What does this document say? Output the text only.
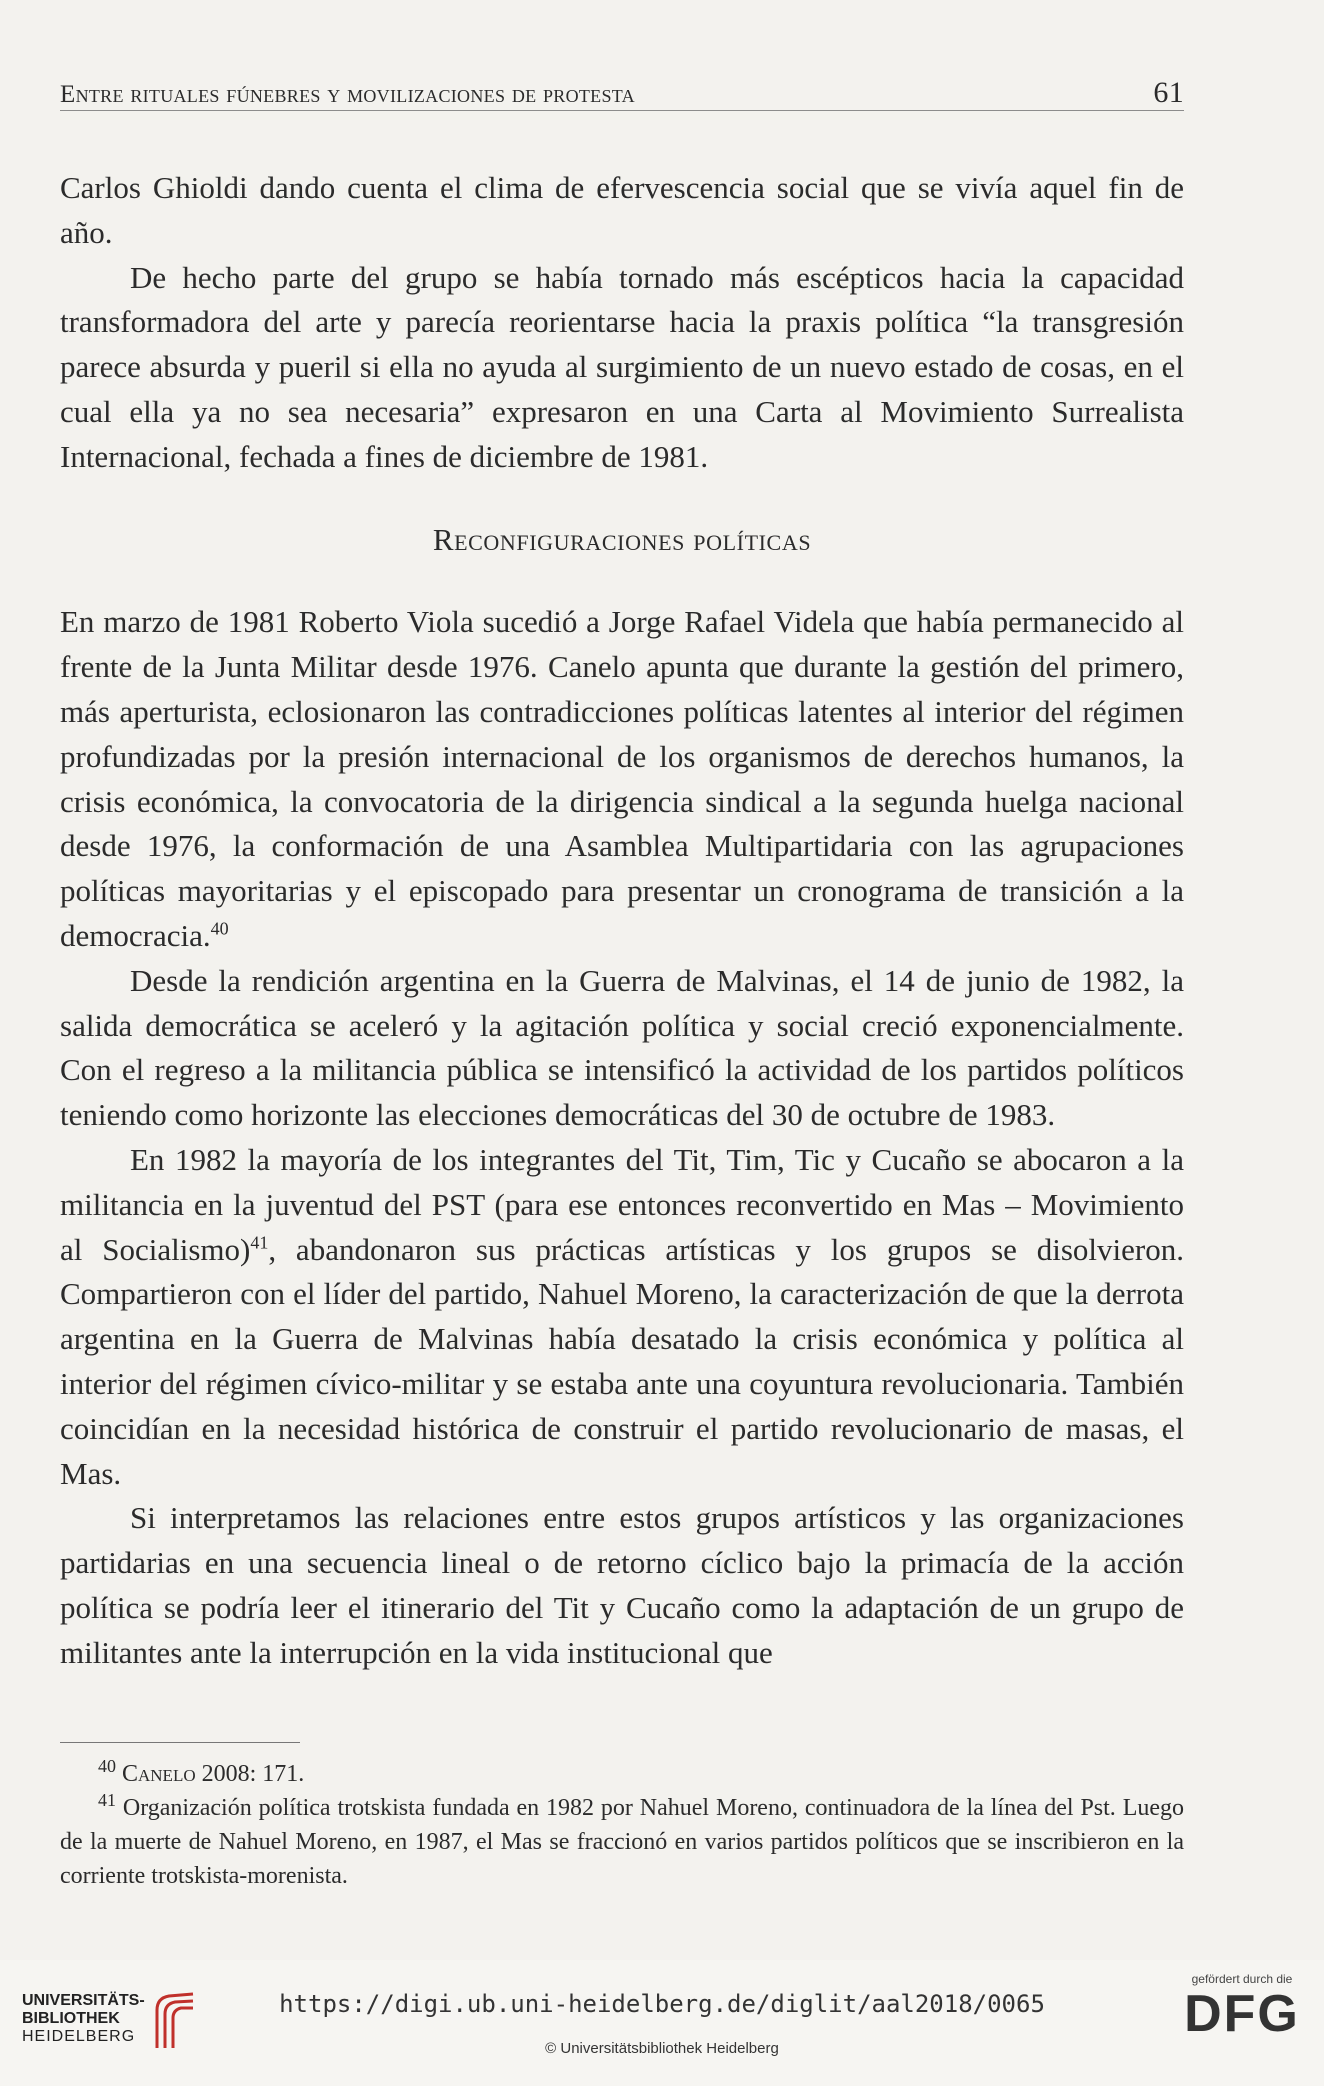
Entre rituales fúnebres y movilizaciones de protesta	61

Carlos Ghioldi dando cuenta el clima de efervescencia social que se vivía aquel fin de año.

De hecho parte del grupo se había tornado más escépticos hacia la capacidad transformadora del arte y parecía reorientarse hacia la praxis política “la transgresión parece absurda y pueril si ella no ayuda al surgimiento de un nuevo estado de cosas, en el cual ella ya no sea necesaria” expresaron en una Carta al Movimiento Surrealista Internacional, fechada a fines de diciembre de 1981.

Reconfiguraciones políticas

En marzo de 1981 Roberto Viola sucedió a Jorge Rafael Videla que había permanecido al frente de la Junta Militar desde 1976. Canelo apunta que durante la gestión del primero, más aperturista, eclosionaron las contradicciones políticas latentes al interior del régimen profundizadas por la presión internacional de los organismos de derechos humanos, la crisis económica, la convocatoria de la dirigencia sindical a la segunda huelga nacional desde 1976, la conformación de una Asamblea Multipartidaria con las agrupaciones políticas mayoritarias y el episcopado para presentar un cronograma de transición a la democracia.$^{40}$

Desde la rendición argentina en la Guerra de Malvinas, el 14 de junio de 1982, la salida democrática se aceleró y la agitación política y social creció exponencialmente. Con el regreso a la militancia pública se intensificó la actividad de los partidos políticos teniendo como horizonte las elecciones democráticas del 30 de octubre de 1983.

En 1982 la mayoría de los integrantes del Tit, Tim, Tic y Cucaño se abocaron a la militancia en la juventud del PST (para ese entonces reconvertido en Mas – Movimiento al Socialismo)$^{41}$, abandonaron sus prácticas artísticas y los grupos se disolvieron. Compartieron con el líder del partido, Nahuel Moreno, la caracterización de que la derrota argentina en la Guerra de Malvinas había desatado la crisis económica y política al interior del régimen cívico-militar y se estaba ante una coyuntura revolucionaria. También coincidían en la necesidad histórica de construir el partido revolucionario de masas, el Mas.

Si interpretamos las relaciones entre estos grupos artísticos y las organizaciones partidarias en una secuencia lineal o de retorno cíclico bajo la primacía de la acción política se podría leer el itinerario del Tit y Cucaño como la adaptación de un grupo de militantes ante la interrupción en la vida institucional que

$^{40}$ Canelo 2008: 171.

$^{41}$ Organización política trotskista fundada en 1982 por Nahuel Moreno, continuadora de la línea del Pst. Luego de la muerte de Nahuel Moreno, en 1987, el Mas se fraccionó en varios partidos políticos que se inscribieron en la corriente trotskista-morenista.

UNIVERSITÄTS-
BIBLIOTHEK
HEIDELBERG
https://digi.ub.uni-heidelberg.de/diglit/aal2018/0065
© Universitätsbibliothek Heidelberg
gefördert durch die
DFG
